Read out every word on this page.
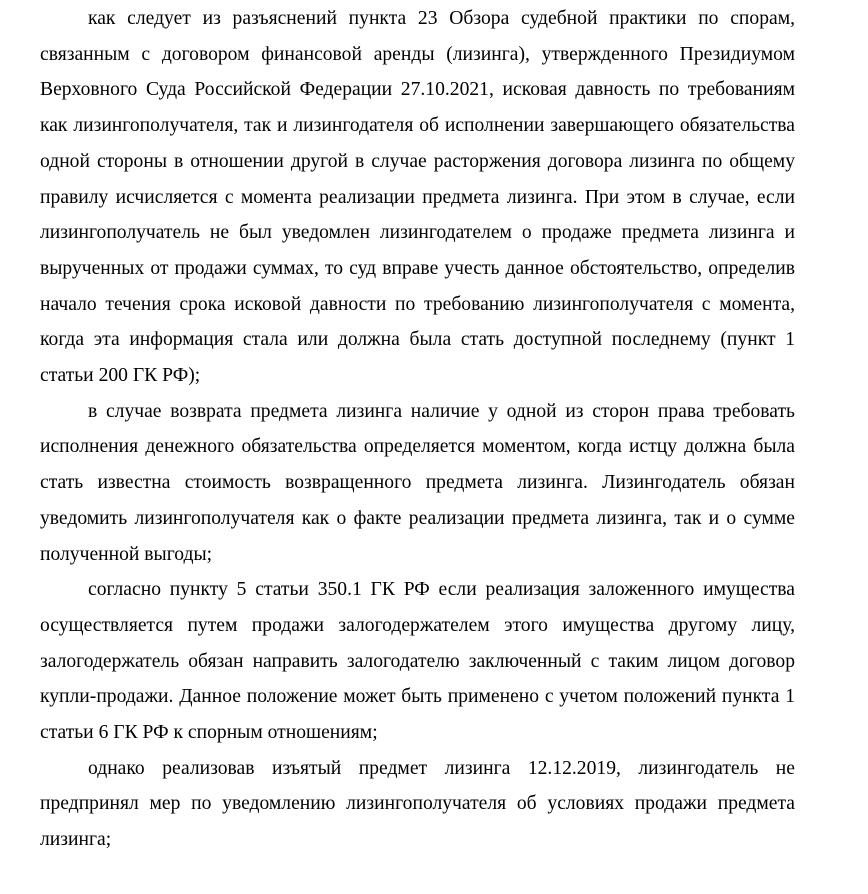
как следует из разъяснений пункта 23 Обзора судебной практики по спорам, связанным с договором финансовой аренды (лизинга), утвержденного Президиумом Верховного Суда Российской Федерации 27.10.2021, исковая давность по требованиям как лизингополучателя, так и лизингодателя об исполнении завершающего обязательства одной стороны в отношении другой в случае расторжения договора лизинга по общему правилу исчисляется с момента реализации предмета лизинга. При этом в случае, если лизингополучатель не был уведомлен лизингодателем о продаже предмета лизинга и вырученных от продажи суммах, то суд вправе учесть данное обстоятельство, определив начало течения срока исковой давности по требованию лизингополучателя с момента, когда эта информация стала или должна была стать доступной последнему (пункт 1 статьи 200 ГК РФ);

в случае возврата предмета лизинга наличие у одной из сторон права требовать исполнения денежного обязательства определяется моментом, когда истцу должна была стать известна стоимость возвращенного предмета лизинга. Лизингодатель обязан уведомить лизингополучателя как о факте реализации предмета лизинга, так и о сумме полученной выгоды;

согласно пункту 5 статьи 350.1 ГК РФ если реализация заложенного имущества осуществляется путем продажи залогодержателем этого имущества другому лицу, залогодержатель обязан направить залогодателю заключенный с таким лицом договор купли-продажи. Данное положение может быть применено с учетом положений пункта 1 статьи 6 ГК РФ к спорным отношениям;

однако реализовав изъятый предмет лизинга 12.12.2019, лизингодатель не предпринял мер по уведомлению лизингополучателя об условиях продажи предмета лизинга;
